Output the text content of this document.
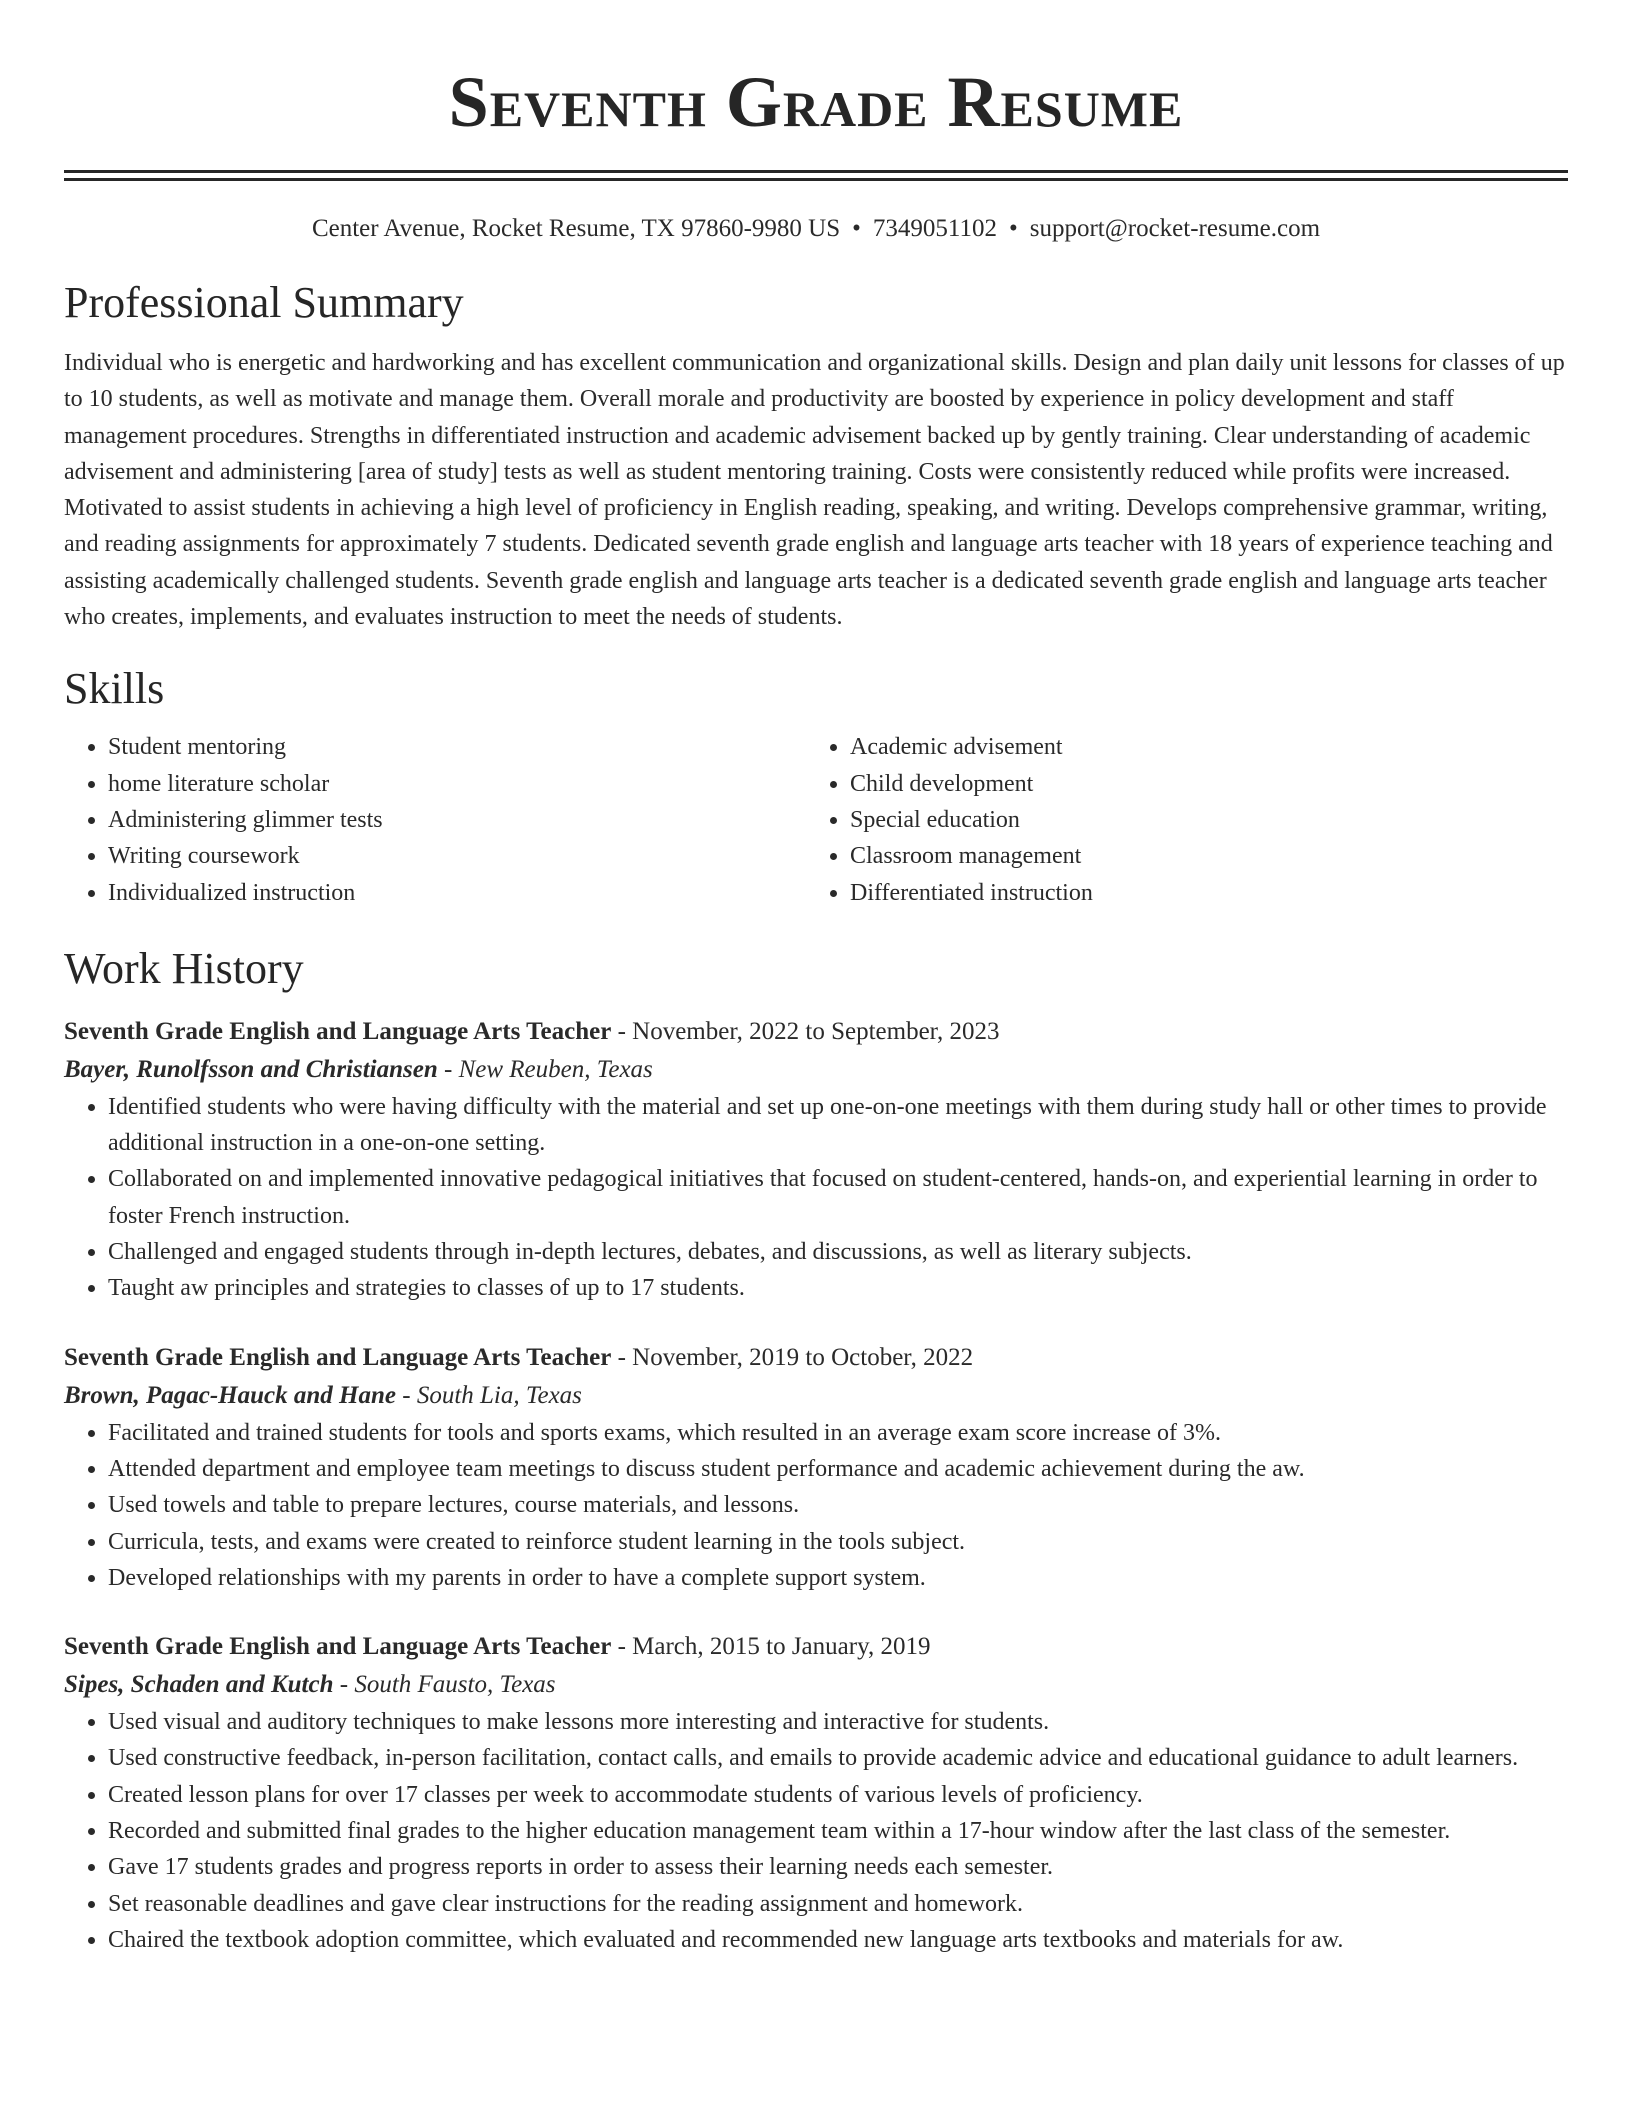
Seventh Grade Resume
Center Avenue, Rocket Resume, TX 97860-9980 US • 7349051102 • support@rocket-resume.com
Professional Summary
Individual who is energetic and hardworking and has excellent communication and organizational skills. Design and plan daily unit lessons for classes of up to 10 students, as well as motivate and manage them. Overall morale and productivity are boosted by experience in policy development and staff management procedures. Strengths in differentiated instruction and academic advisement backed up by gently training. Clear understanding of academic advisement and administering [area of study] tests as well as student mentoring training. Costs were consistently reduced while profits were increased. Motivated to assist students in achieving a high level of proficiency in English reading, speaking, and writing. Develops comprehensive grammar, writing, and reading assignments for approximately 7 students. Dedicated seventh grade english and language arts teacher with 18 years of experience teaching and assisting academically challenged students. Seventh grade english and language arts teacher is a dedicated seventh grade english and language arts teacher who creates, implements, and evaluates instruction to meet the needs of students.
Skills
• Student mentoring
• home literature scholar
• Administering glimmer tests
• Writing coursework
• Individualized instruction
• Academic advisement
• Child development
• Special education
• Classroom management
• Differentiated instruction
Work History
Seventh Grade English and Language Arts Teacher - November, 2022 to September, 2023
Bayer, Runolfsson and Christiansen - New Reuben, Texas
• Identified students who were having difficulty with the material and set up one-on-one meetings with them during study hall or other times to provide additional instruction in a one-on-one setting.
• Collaborated on and implemented innovative pedagogical initiatives that focused on student-centered, hands-on, and experiential learning in order to foster French instruction.
• Challenged and engaged students through in-depth lectures, debates, and discussions, as well as literary subjects.
• Taught aw principles and strategies to classes of up to 17 students.
Seventh Grade English and Language Arts Teacher - November, 2019 to October, 2022
Brown, Pagac-Hauck and Hane - South Lia, Texas
• Facilitated and trained students for tools and sports exams, which resulted in an average exam score increase of 3%.
• Attended department and employee team meetings to discuss student performance and academic achievement during the aw.
• Used towels and table to prepare lectures, course materials, and lessons.
• Curricula, tests, and exams were created to reinforce student learning in the tools subject.
• Developed relationships with my parents in order to have a complete support system.
Seventh Grade English and Language Arts Teacher - March, 2015 to January, 2019
Sipes, Schaden and Kutch - South Fausto, Texas
• Used visual and auditory techniques to make lessons more interesting and interactive for students.
• Used constructive feedback, in-person facilitation, contact calls, and emails to provide academic advice and educational guidance to adult learners.
• Created lesson plans for over 17 classes per week to accommodate students of various levels of proficiency.
• Recorded and submitted final grades to the higher education management team within a 17-hour window after the last class of the semester.
• Gave 17 students grades and progress reports in order to assess their learning needs each semester.
• Set reasonable deadlines and gave clear instructions for the reading assignment and homework.
• Chaired the textbook adoption committee, which evaluated and recommended new language arts textbooks and materials for aw.
